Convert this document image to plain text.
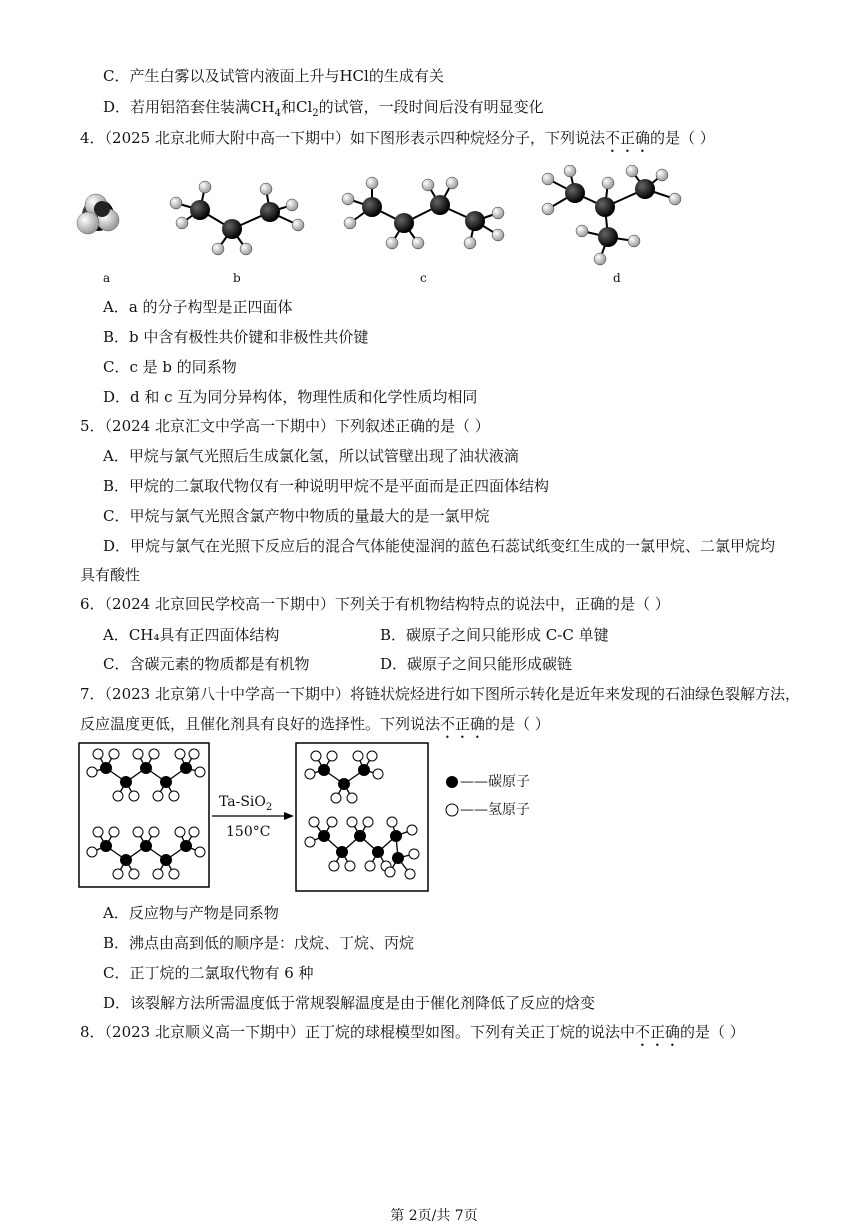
C．产生白雾以及试管内液面上升与HCl的生成有关
D．若用铝箔套住装满$CH_4$和$Cl_2$的试管，一段时间后没有明显变化
4．（2025 北京北师大附中高一下期中）如下图形表示四种烷烃分子，下列说法不正确的是（ ）
a	b	c	d
A．a 的分子构型是正四面体
B．b 中含有极性共价键和非极性共价键
C．c 是 b 的同系物
D．d 和 c 互为同分异构体，物理性质和化学性质均相同
5．（2024 北京汇文中学高一下期中）下列叙述正确的是（ ）
A．甲烷与氯气光照后生成氯化氢，所以试管壁出现了油状液滴
B．甲烷的二氯取代物仅有一种说明甲烷不是平面而是正四面体结构
C．甲烷与氯气光照含氯产物中物质的量最大的是一氯甲烷
D．甲烷与氯气在光照下反应后的混合气体能使湿润的蓝色石蕊试纸变红生成的一氯甲烷、二氯甲烷均
具有酸性
6．（2024 北京回民学校高一下期中）下列关于有机物结构特点的说法中，正确的是（ ）
A．CH₄具有正四面体结构	B．碳原子之间只能形成 C-C 单键
C．含碳元素的物质都是有机物	D．碳原子之间只能形成碳链
7．（2023 北京第八十中学高一下期中）将链状烷烃进行如下图所示转化是近年来发现的石油绿色裂解方法，
反应温度更低，且催化剂具有良好的选择性。下列说法不正确的是（ ）
Ta-SiO$_2$
150°C
——碳原子
——氢原子
A．反应物与产物是同系物
B．沸点由高到低的顺序是：戊烷、丁烷、丙烷
C．正丁烷的二氯取代物有 6 种
D．该裂解方法所需温度低于常规裂解温度是由于催化剂降低了反应的焓变
8．（2023 北京顺义高一下期中）正丁烷的球棍模型如图。下列有关正丁烷的说法中不正确的是（ ）
第 2页/共 7页
